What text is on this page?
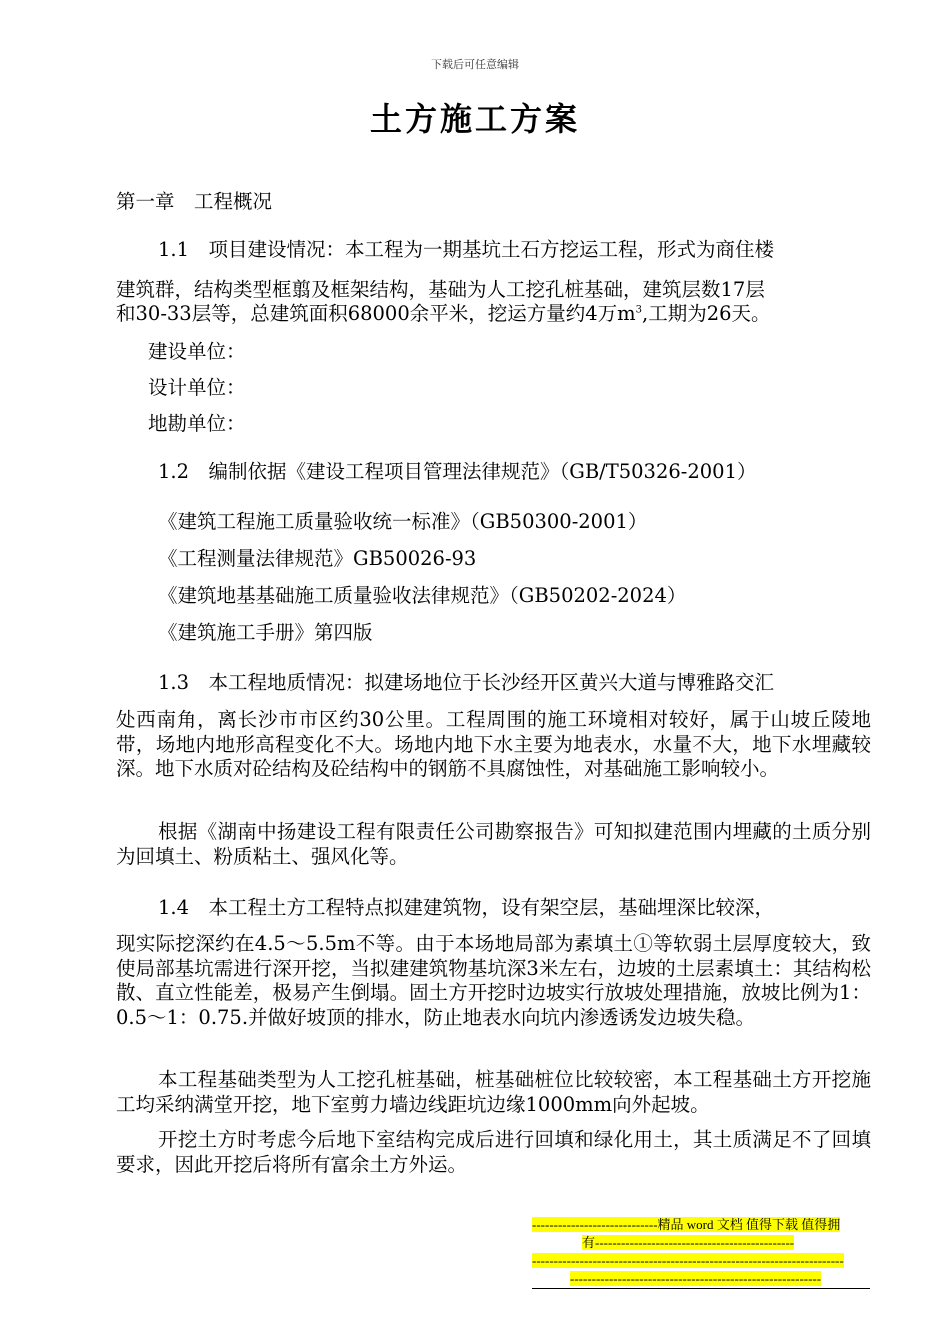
下载后可任意编辑
土方施工方案
第一章　工程概况
1.1　项目建设情况：本工程为一期基坑土石方挖运工程，形式为商住楼
建筑群，结构类型框翦及框架结构，基础为人工挖孔桩基础，建筑层数17层
和30-33层等，总建筑面积68000余平米，挖运方量约4万$m^3$,工期为26天。
建设单位：
设计单位：
地勘单位：
1.2　编制依据《建设工程项目管理法律规范》（GB/T50326-2001）
《建筑工程施工质量验收统一标准》（GB50300-2001）
《工程测量法律规范》GB50026-93
《建筑地基基础施工质量验收法律规范》（GB50202-2024）
《建筑施工手册》第四版
1.3　本工程地质情况：拟建场地位于长沙经开区黄兴大道与博雅路交汇
处西南角，离长沙市市区约30公里。工程周围的施工环境相对较好，属于山坡丘陵地带，场地内地形高程变化不大。场地内地下水主要为地表水，水量不大，地下水埋藏较深。地下水质对砼结构及砼结构中的钢筋不具腐蚀性，对基础施工影响较小。
根据《湖南中扬建设工程有限责任公司勘察报告》可知拟建范围内埋藏的土质分别为回填土、粉质粘土、强风化等。
1.4　本工程土方工程特点拟建建筑物，设有架空层，基础埋深比较深，
现实际挖深约在4.5～5.5m不等。由于本场地局部为素填土①等软弱土层厚度较大，致使局部基坑需进行深开挖，当拟建建筑物基坑深3米左右，边坡的土层素填土：其结构松散、直立性能差，极易产生倒塌。固土方开挖时边坡实行放坡处理措施，放坡比例为1：0.5～1：0.75.并做好坡顶的排水，防止地表水向坑内渗透诱发边坡失稳。
本工程基础类型为人工挖孔桩基础，桩基础桩位比较较密，本工程基础土方开挖施工均采纳满堂开挖，地下室剪力墙边线距坑边缘1000mm向外起坡。
开挖土方时考虑今后地下室结构完成后进行回填和绿化用土，其土质满足不了回填要求，因此开挖后将所有富余土方外运。
-----------------------------精品 word 文档 值得下载 值得拥
有----------------------------------------------
------------------------------------------------------------------------
----------------------------------------------------------
